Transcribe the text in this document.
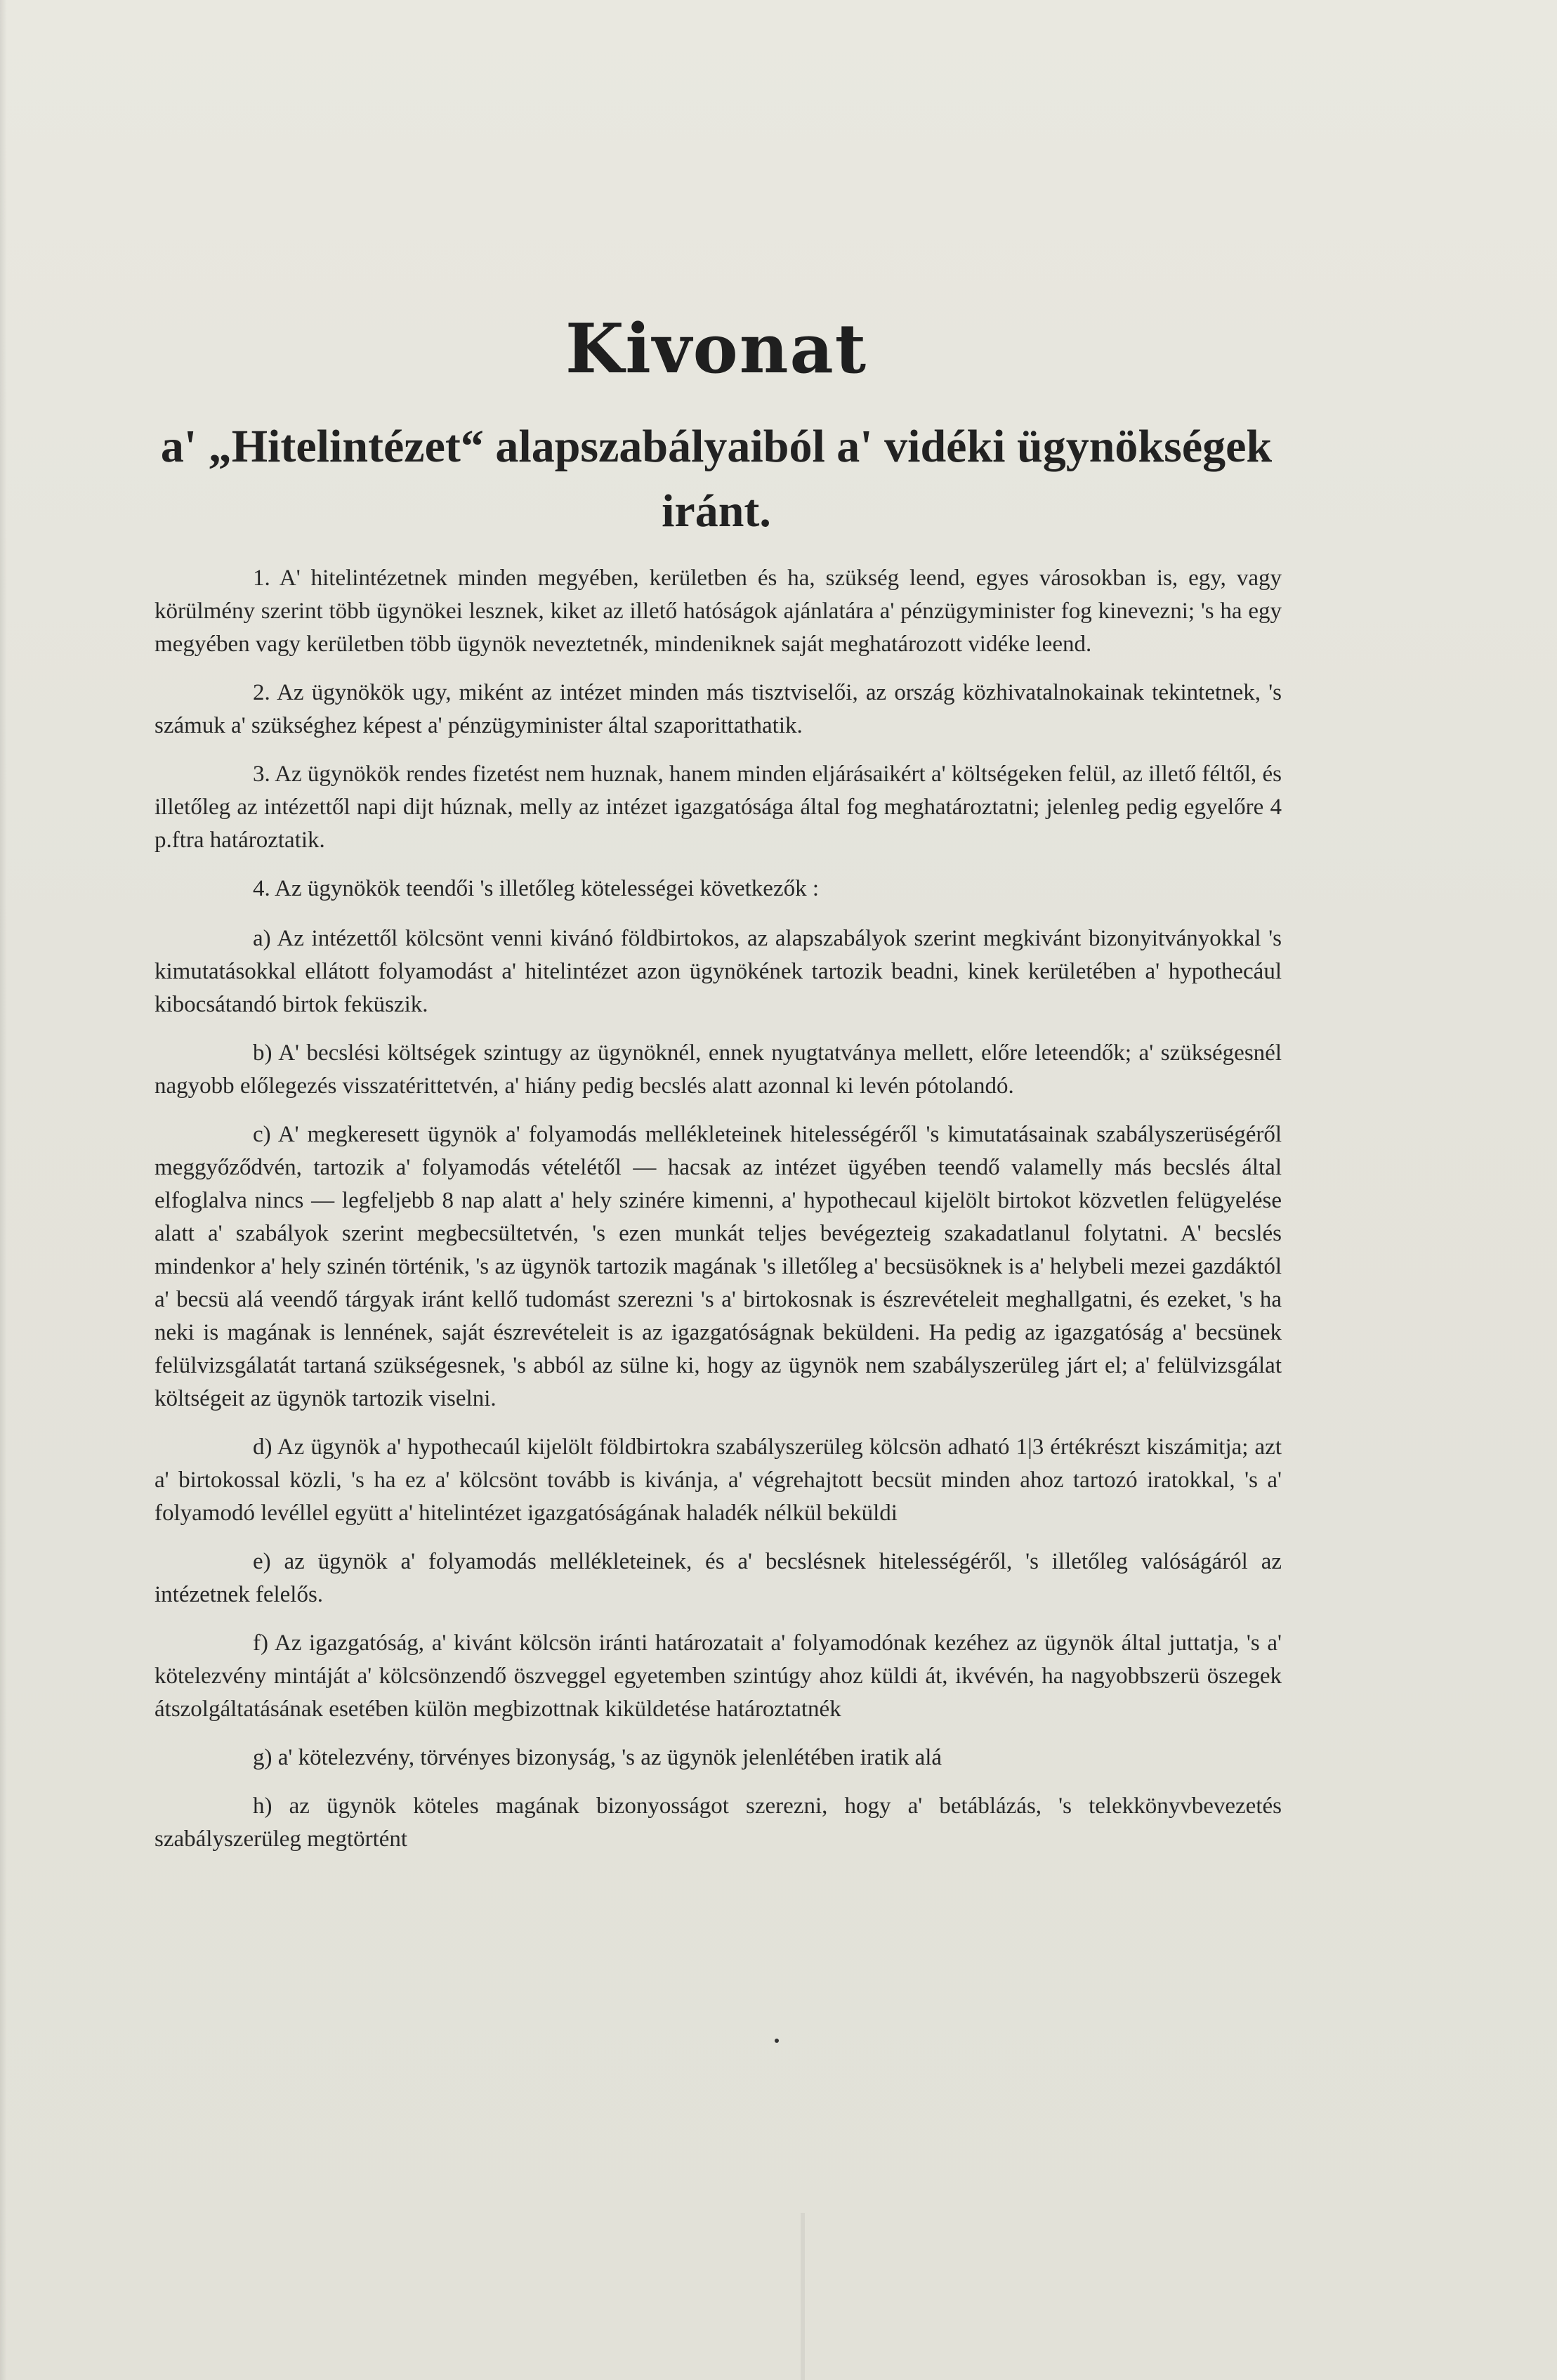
Kivonat
a' „Hitelintézet“ alapszabályaiból a' vidéki ügynökségek iránt.

1. A' hitelintézetnek minden megyében, kerületben és ha, szükség leend, egyes városokban is, egy, vagy körülmény szerint több ügynökei lesznek, kiket az illető hatóságok ajánlatára a' pénzügyminister fog kinevezni; 's ha egy megyében vagy kerületben több ügynök neveztetnék, mindeniknek saját meghatározott vidéke leend.

2. Az ügynökök ugy, miként az intézet minden más tisztviselői, az ország közhivatalnokainak tekintetnek, 's számuk a' szükséghez képest a' pénzügyminister által szaporittathatik.

3. Az ügynökök rendes fizetést nem huznak, hanem minden eljárásaikért a' költségeken felül, az illető féltől, és illetőleg az intézettől napi dijt húznak, melly az intézet igazgatósága által fog meghatároztatni; jelenleg pedig egyelőre 4 p.ftra határoztatik.

4. Az ügynökök teendői 's illetőleg kötelességei következők :

a) Az intézettől kölcsönt venni kivánó földbirtokos, az alapszabályok szerint megkivánt bizonyitványokkal 's kimutatásokkal ellátott folyamodást a' hitelintézet azon ügynökének tartozik beadni, kinek kerületében a' hypothecául kibocsátandó birtok feküszik.

b) A' becslési költségek szintugy az ügynöknél, ennek nyugtatványa mellett, előre leteendők; a' szükségesnél nagyobb előlegezés visszatérittetvén, a' hiány pedig becslés alatt azonnal ki levén pótolandó.

c) A' megkeresett ügynök a' folyamodás mellékleteinek hitelességéről 's kimutatásainak szabályszerüségéről meggyőződvén, tartozik a' folyamodás vételétől — hacsak az intézet ügyében teendő valamelly más becslés által elfoglalva nincs — legfeljebb 8 nap alatt a' hely szinére kimenni, a' hypothecaul kijelölt birtokot közvetlen felügyelése alatt a' szabályok szerint megbecsültetvén, 's ezen munkát teljes bevégezteig szakadatlanul folytatni. A' becslés mindenkor a' hely szinén történik, 's az ügynök tartozik magának 's illetőleg a' becsüsöknek is a' helybeli mezei gazdáktól a' becsü alá veendő tárgyak iránt kellő tudomást szerezni 's a' birtokosnak is észrevételeit meghallgatni, és ezeket, 's ha neki is magának is lennének, saját észrevételeit is az igazgatóságnak beküldeni. Ha pedig az igazgatóság a' becsünek felülvizsgálatát tartaná szükségesnek, 's abból az sülne ki, hogy az ügynök nem szabályszerüleg járt el; a' felülvizsgálat költségeit az ügynök tartozik viselni.

d) Az ügynök a' hypothecaúl kijelölt földbirtokra szabályszerüleg kölcsön adható 1|3 értékrészt kiszámitja; azt a' birtokossal közli, 's ha ez a' kölcsönt tovább is kivánja, a' végrehajtott becsüt minden ahoz tartozó iratokkal, 's a' folyamodó levéllel együtt a' hitelintézet igazgatóságának haladék nélkül beküldi

e) az ügynök a' folyamodás mellékleteinek, és a' becslésnek hitelességéről, 's illetőleg valóságáról az intézetnek felelős.

f) Az igazgatóság, a' kivánt kölcsön iránti határozatait a' folyamodónak kezéhez az ügynök által juttatja, 's a' kötelezvény mintáját a' kölcsönzendő öszveggel egyetemben szintúgy ahoz küldi át, ikvévén, ha nagyobbszerü öszegek átszolgáltatásának esetében külön megbizottnak kiküldetése határoztatnék

g) a' kötelezvény, törvényes bizonyság, 's az ügynök jelenlétében iratik alá

h) az ügynök köteles magának bizonyosságot szerezni, hogy a' betáblázás, 's telekkönyvbevezetés szabályszerüleg megtörtént
